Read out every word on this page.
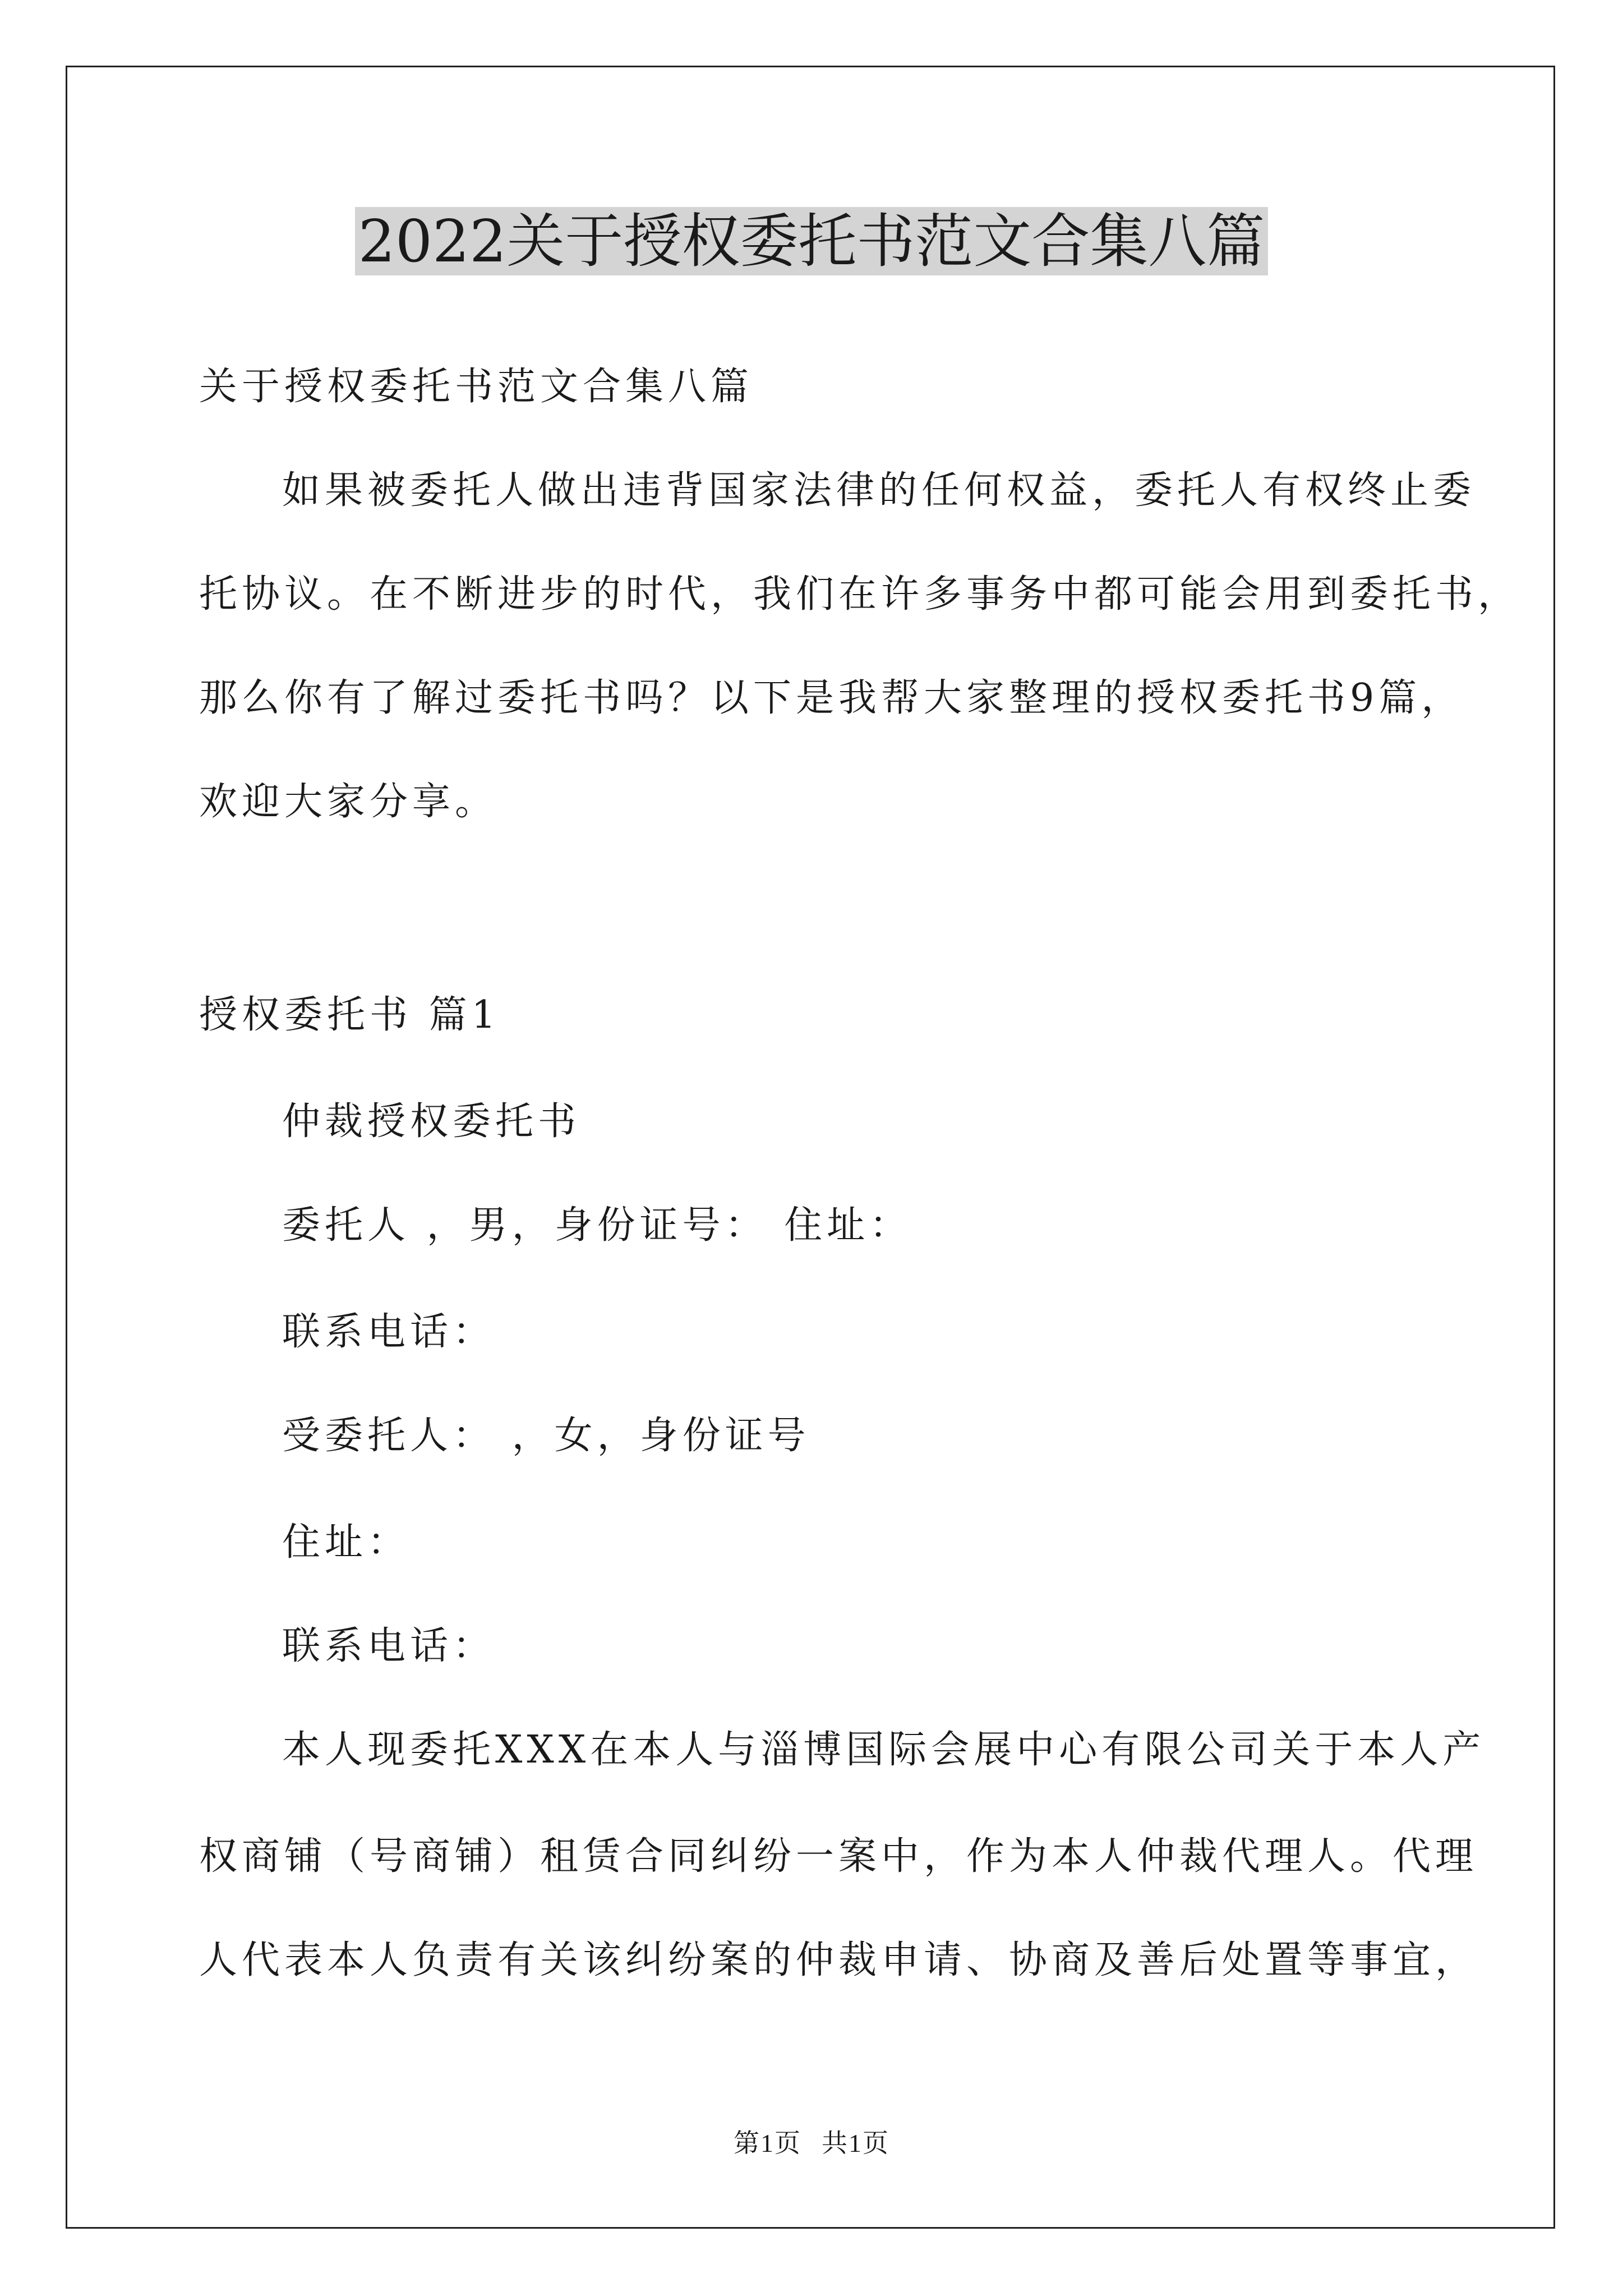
2022关于授权委托书范文合集八篇

关于授权委托书范文合集八篇

如果被委托人做出违背国家法律的任何权益，委托人有权终止委

托协议。在不断进步的时代，我们在许多事务中都可能会用到委托书，

那么你有了解过委托书吗？以下是我帮大家整理的授权委托书9篇，

欢迎大家分享。

授权委托书 篇1

仲裁授权委托书

委托人 ，男，身份证号： 住址：

联系电话：

受委托人： ，女，身份证号

住址：

联系电话：

本人现委托XXX在本人与淄博国际会展中心有限公司关于本人产

权商铺（号商铺）租赁合同纠纷一案中，作为本人仲裁代理人。代理

人代表本人负责有关该纠纷案的仲裁申请、协商及善后处置等事宜，

第1页 共1页
